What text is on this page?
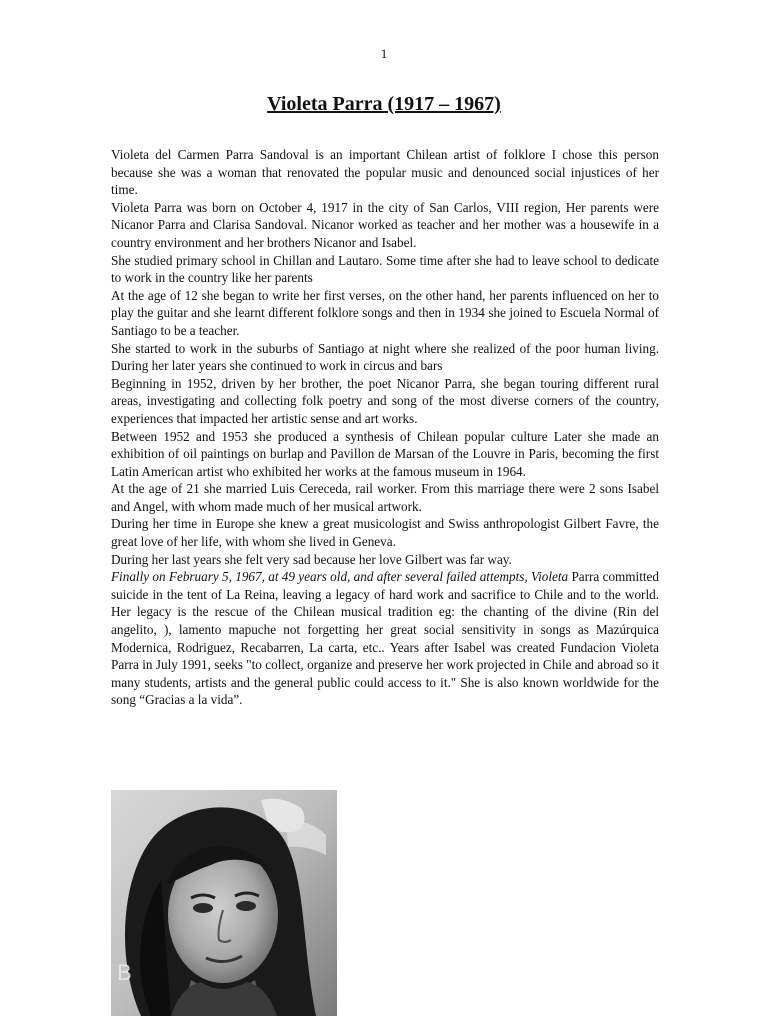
1
Violeta Parra (1917 – 1967)

Violeta del Carmen Parra Sandoval is an important Chilean artist of folklore I chose this person because she was a woman that renovated the popular music and denounced social injustices of her time.

Violeta Parra was born on October 4, 1917 in the city of San Carlos, VIII region, Her parents were Nicanor Parra and Clarisa Sandoval. Nicanor worked as teacher and her mother was a housewife in a country environment and her brothers Nicanor and Isabel.

She studied primary school in Chillan and Lautaro. Some time after she had to leave school to dedicate to work in the country like her parents

At the age of 12 she began to write her first verses, on the other hand, her parents influenced on her to play the guitar and she learnt different folklore songs and then in 1934 she joined to Escuela Normal of Santiago to be a teacher.

She started to work in the suburbs of Santiago at night where she realized of the poor human living. During her later years she continued to work in circus and bars

Beginning in 1952, driven by her brother, the poet Nicanor Parra, she began touring different rural areas, investigating and collecting folk poetry and song of the most diverse corners of the country, experiences that impacted her artistic sense and art works.

Between 1952 and 1953 she produced a synthesis of Chilean popular culture Later she made an exhibition of oil paintings on burlap and Pavillon de Marsan of the Louvre in Paris, becoming the first Latin American artist who exhibited her works at the famous museum in 1964.

At the age of 21 she married Luis Cereceda, rail worker. From this marriage there were 2 sons Isabel and Angel, with whom made much of her musical artwork.

During her time in Europe she knew a great musicologist and Swiss anthropologist Gilbert Favre, the great love of her life, with whom she lived in Geneva.

During her last years she felt very sad because her love Gilbert was far way.

Finally on February 5, 1967, at 49 years old, and after several failed attempts, Violeta Parra committed suicide in the tent of La Reina, leaving a legacy of hard work and sacrifice to Chile and to the world. Her legacy is the rescue of the Chilean musical tradition eg: the chanting of the divine (Rin del angelito, ), lamento mapuche not forgetting her great social sensitivity in songs as Mazúrquica Modernica, Rodriguez, Recabarren, La carta, etc.. Years after Isabel was created Fundacion Violeta Parra in July 1991, seeks "to collect, organize and preserve her work projected in Chile and abroad so it many students, artists and the general public could access to it." She is also known worldwide for the song “Gracias a la vida”.

B
